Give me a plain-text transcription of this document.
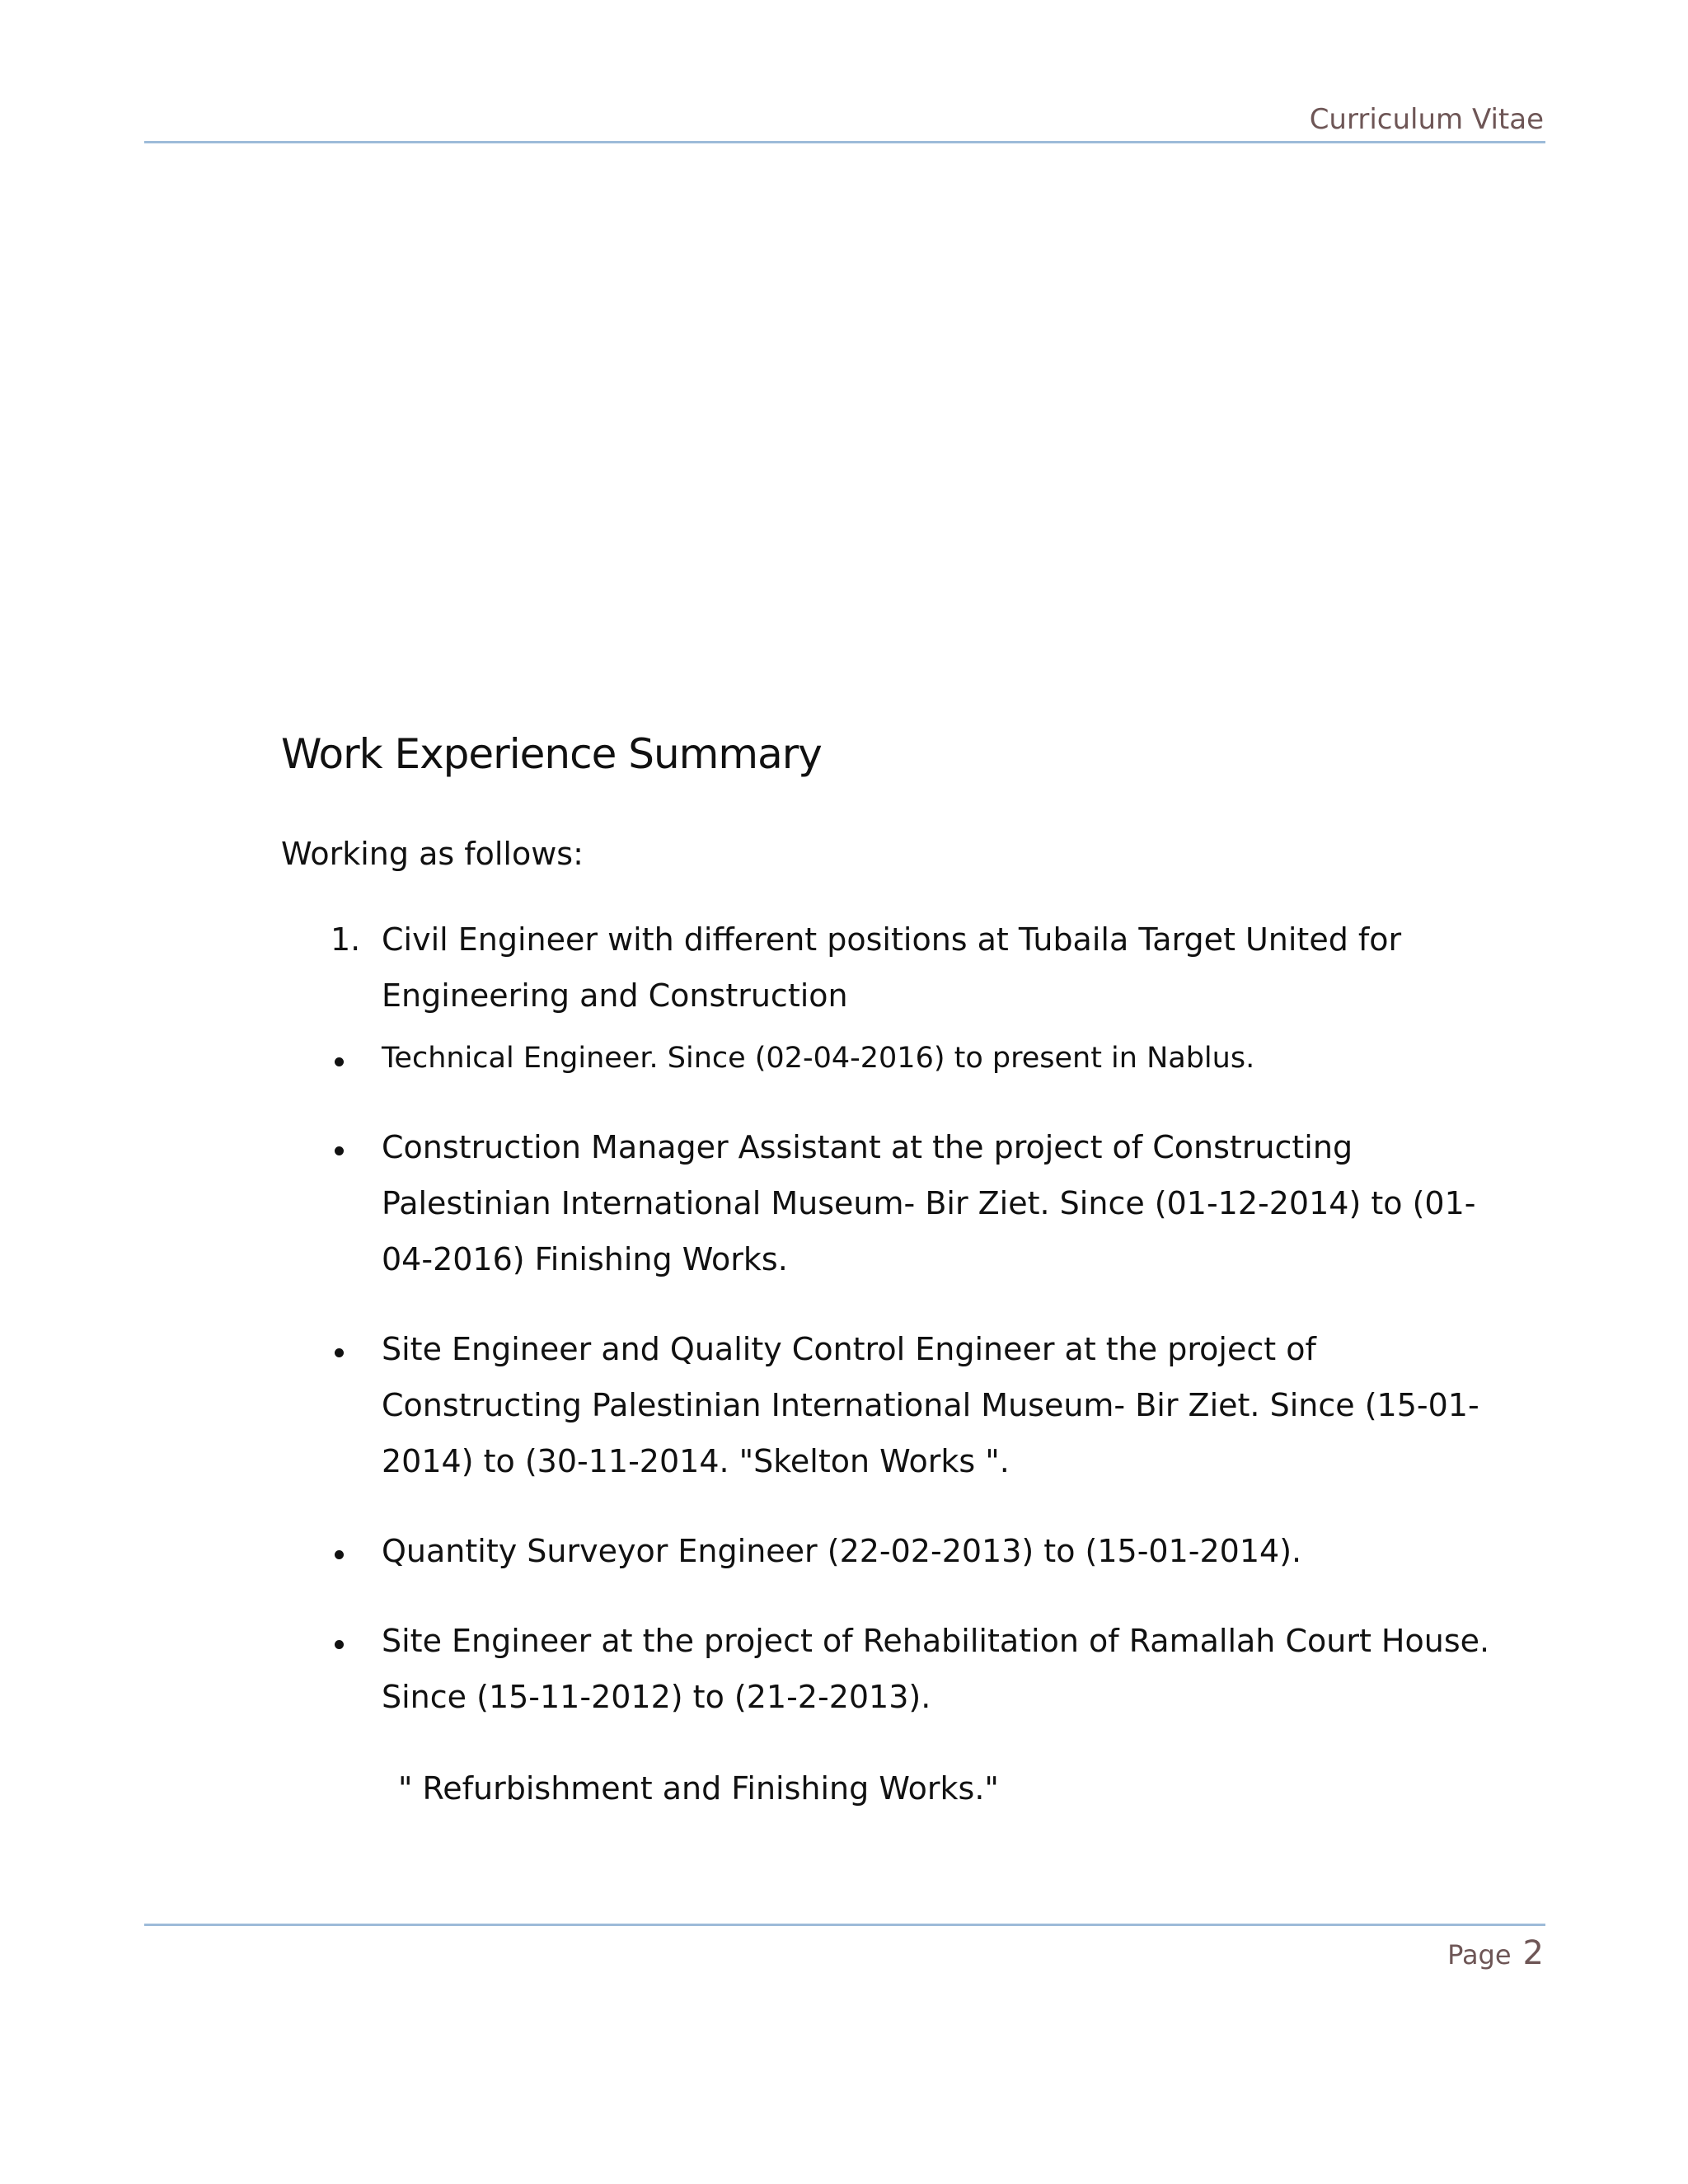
Curriculum Vitae
Work Experience Summary
Working as follows:
1. Civil Engineer with different positions at Tubaila Target United for
Engineering and Construction
Technical Engineer. Since (02-04-2016) to present in Nablus.
Construction Manager Assistant at the project of Constructing
Palestinian International Museum- Bir Ziet. Since (01-12-2014) to (01-
04-2016) Finishing Works.
Site Engineer and Quality Control Engineer at the project of
Constructing Palestinian International Museum- Bir Ziet. Since (15-01-
2014) to (30-11-2014. "Skelton Works ".
Quantity Surveyor Engineer (22-02-2013) to (15-01-2014).
Site Engineer at the project of Rehabilitation of Ramallah Court House.
Since (15-11-2012) to (21-2-2013).
" Refurbishment and Finishing Works."
Page 2
